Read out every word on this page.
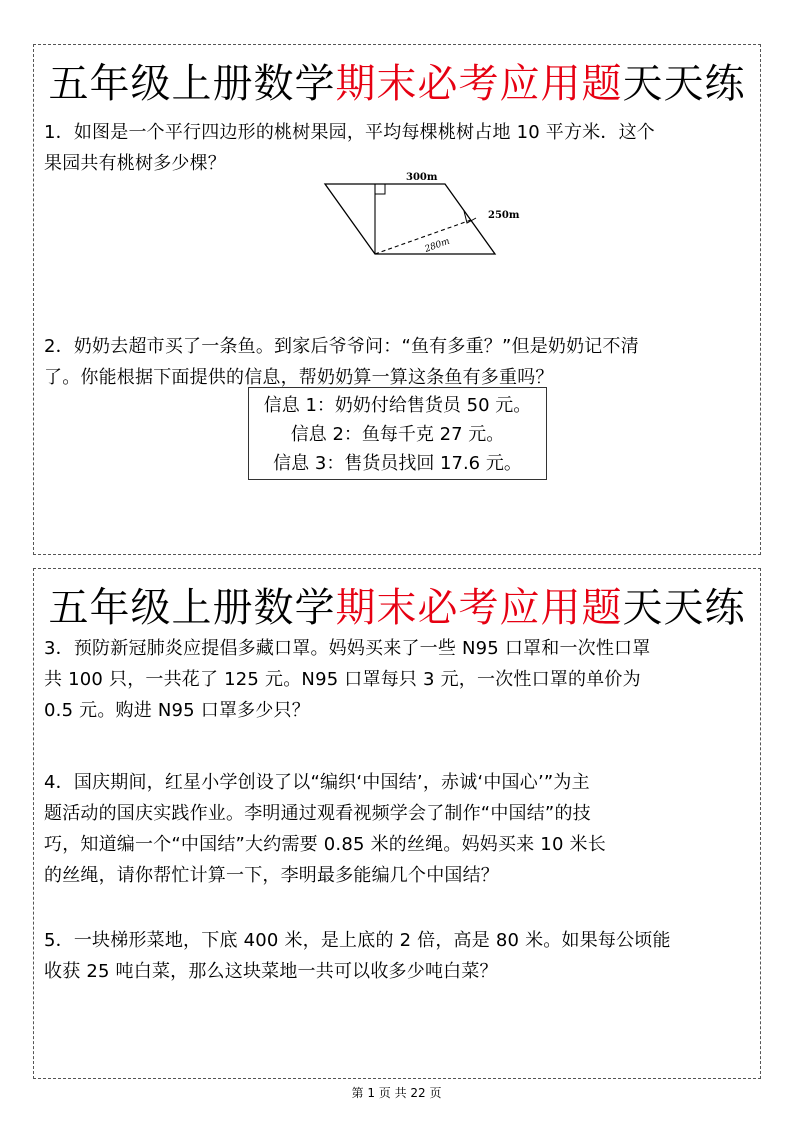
五年级上册数学期末必考应用题天天练
1．如图是一个平行四边形的桃树果园，平均每棵桃树占地 10 平方米．这个
果园共有桃树多少棵？
300m
250m
280m
2．奶奶去超市买了一条鱼。到家后爷爷问：“鱼有多重？”但是奶奶记不清
了。你能根据下面提供的信息，帮奶奶算一算这条鱼有多重吗？
信息 1：奶奶付给售货员 50 元。
信息 2：鱼每千克 27 元。
信息 3：售货员找回 17.6 元。
五年级上册数学期末必考应用题天天练
3．预防新冠肺炎应提倡多藏口罩。妈妈买来了一些 N95 口罩和一次性口罩
共 100 只，一共花了 125 元。N95 口罩每只 3 元，一次性口罩的单价为
0.5 元。购进 N95 口罩多少只？
4．国庆期间，红星小学创设了以“编织‘中国结’，赤诚‘中国心’”为主
题活动的国庆实践作业。李明通过观看视频学会了制作“中国结”的技
巧，知道编一个“中国结”大约需要 0.85 米的丝绳。妈妈买来 10 米长
的丝绳，请你帮忙计算一下，李明最多能编几个中国结？
5．一块梯形菜地，下底 400 米，是上底的 2 倍，高是 80 米。如果每公顷能
收获 25 吨白菜，那么这块菜地一共可以收多少吨白菜？
第 1 页 共 22 页
